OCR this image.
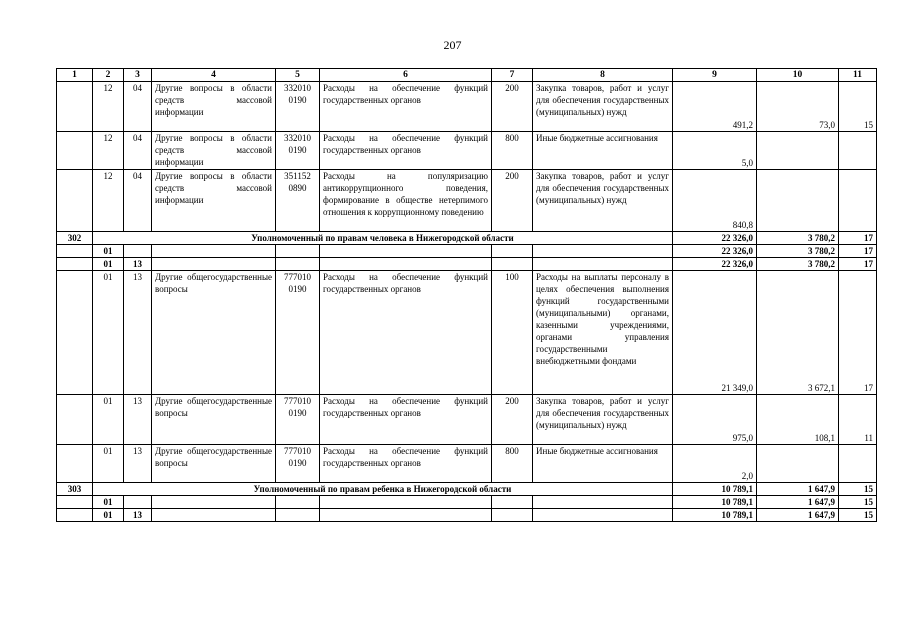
207
1	2	3	4	5	6	7	8	9	10	11
	12	04	Другие вопросы в области средств массовой информации	332010 0190	Расходы на обеспечение функций государственных органов	200	Закупка товаров, работ и услуг для обеспечения государственных (муниципальных) нужд	491,2	73,0	15
	12	04	Другие вопросы в области средств массовой информации	332010 0190	Расходы на обеспечение функций государственных органов	800	Иные бюджетные ассигнования	5,0		
	12	04	Другие вопросы в области средств массовой информации	351152 0890	Расходы на популяризацию антикоррупционного поведения, формирование в обществе нетерпимого отношения к коррупционному поведению	200	Закупка товаров, работ и услуг для обеспечения государственных (муниципальных) нужд	840,8		
302	Уполномоченный по правам человека в Нижегородской области							22 326,0	3 780,2	17
	01							22 326,0	3 780,2	17
	01	13						22 326,0	3 780,2	17
	01	13	Другие общегосударственные вопросы	777010 0190	Расходы на обеспечение функций государственных органов	100	Расходы на выплаты персоналу в целях обеспечения выполнения функций государственными (муниципальными) органами, казенными учреждениями, органами управления государственными внебюджетными фондами	21 349,0	3 672,1	17
	01	13	Другие общегосударственные вопросы	777010 0190	Расходы на обеспечение функций государственных органов	200	Закупка товаров, работ и услуг для обеспечения государственных (муниципальных) нужд	975,0	108,1	11
	01	13	Другие общегосударственные вопросы	777010 0190	Расходы на обеспечение функций государственных органов	800	Иные бюджетные ассигнования	2,0		
303	Уполномоченный по правам ребенка в Нижегородской области							10 789,1	1 647,9	15
	01							10 789,1	1 647,9	15
	01	13						10 789,1	1 647,9	15
